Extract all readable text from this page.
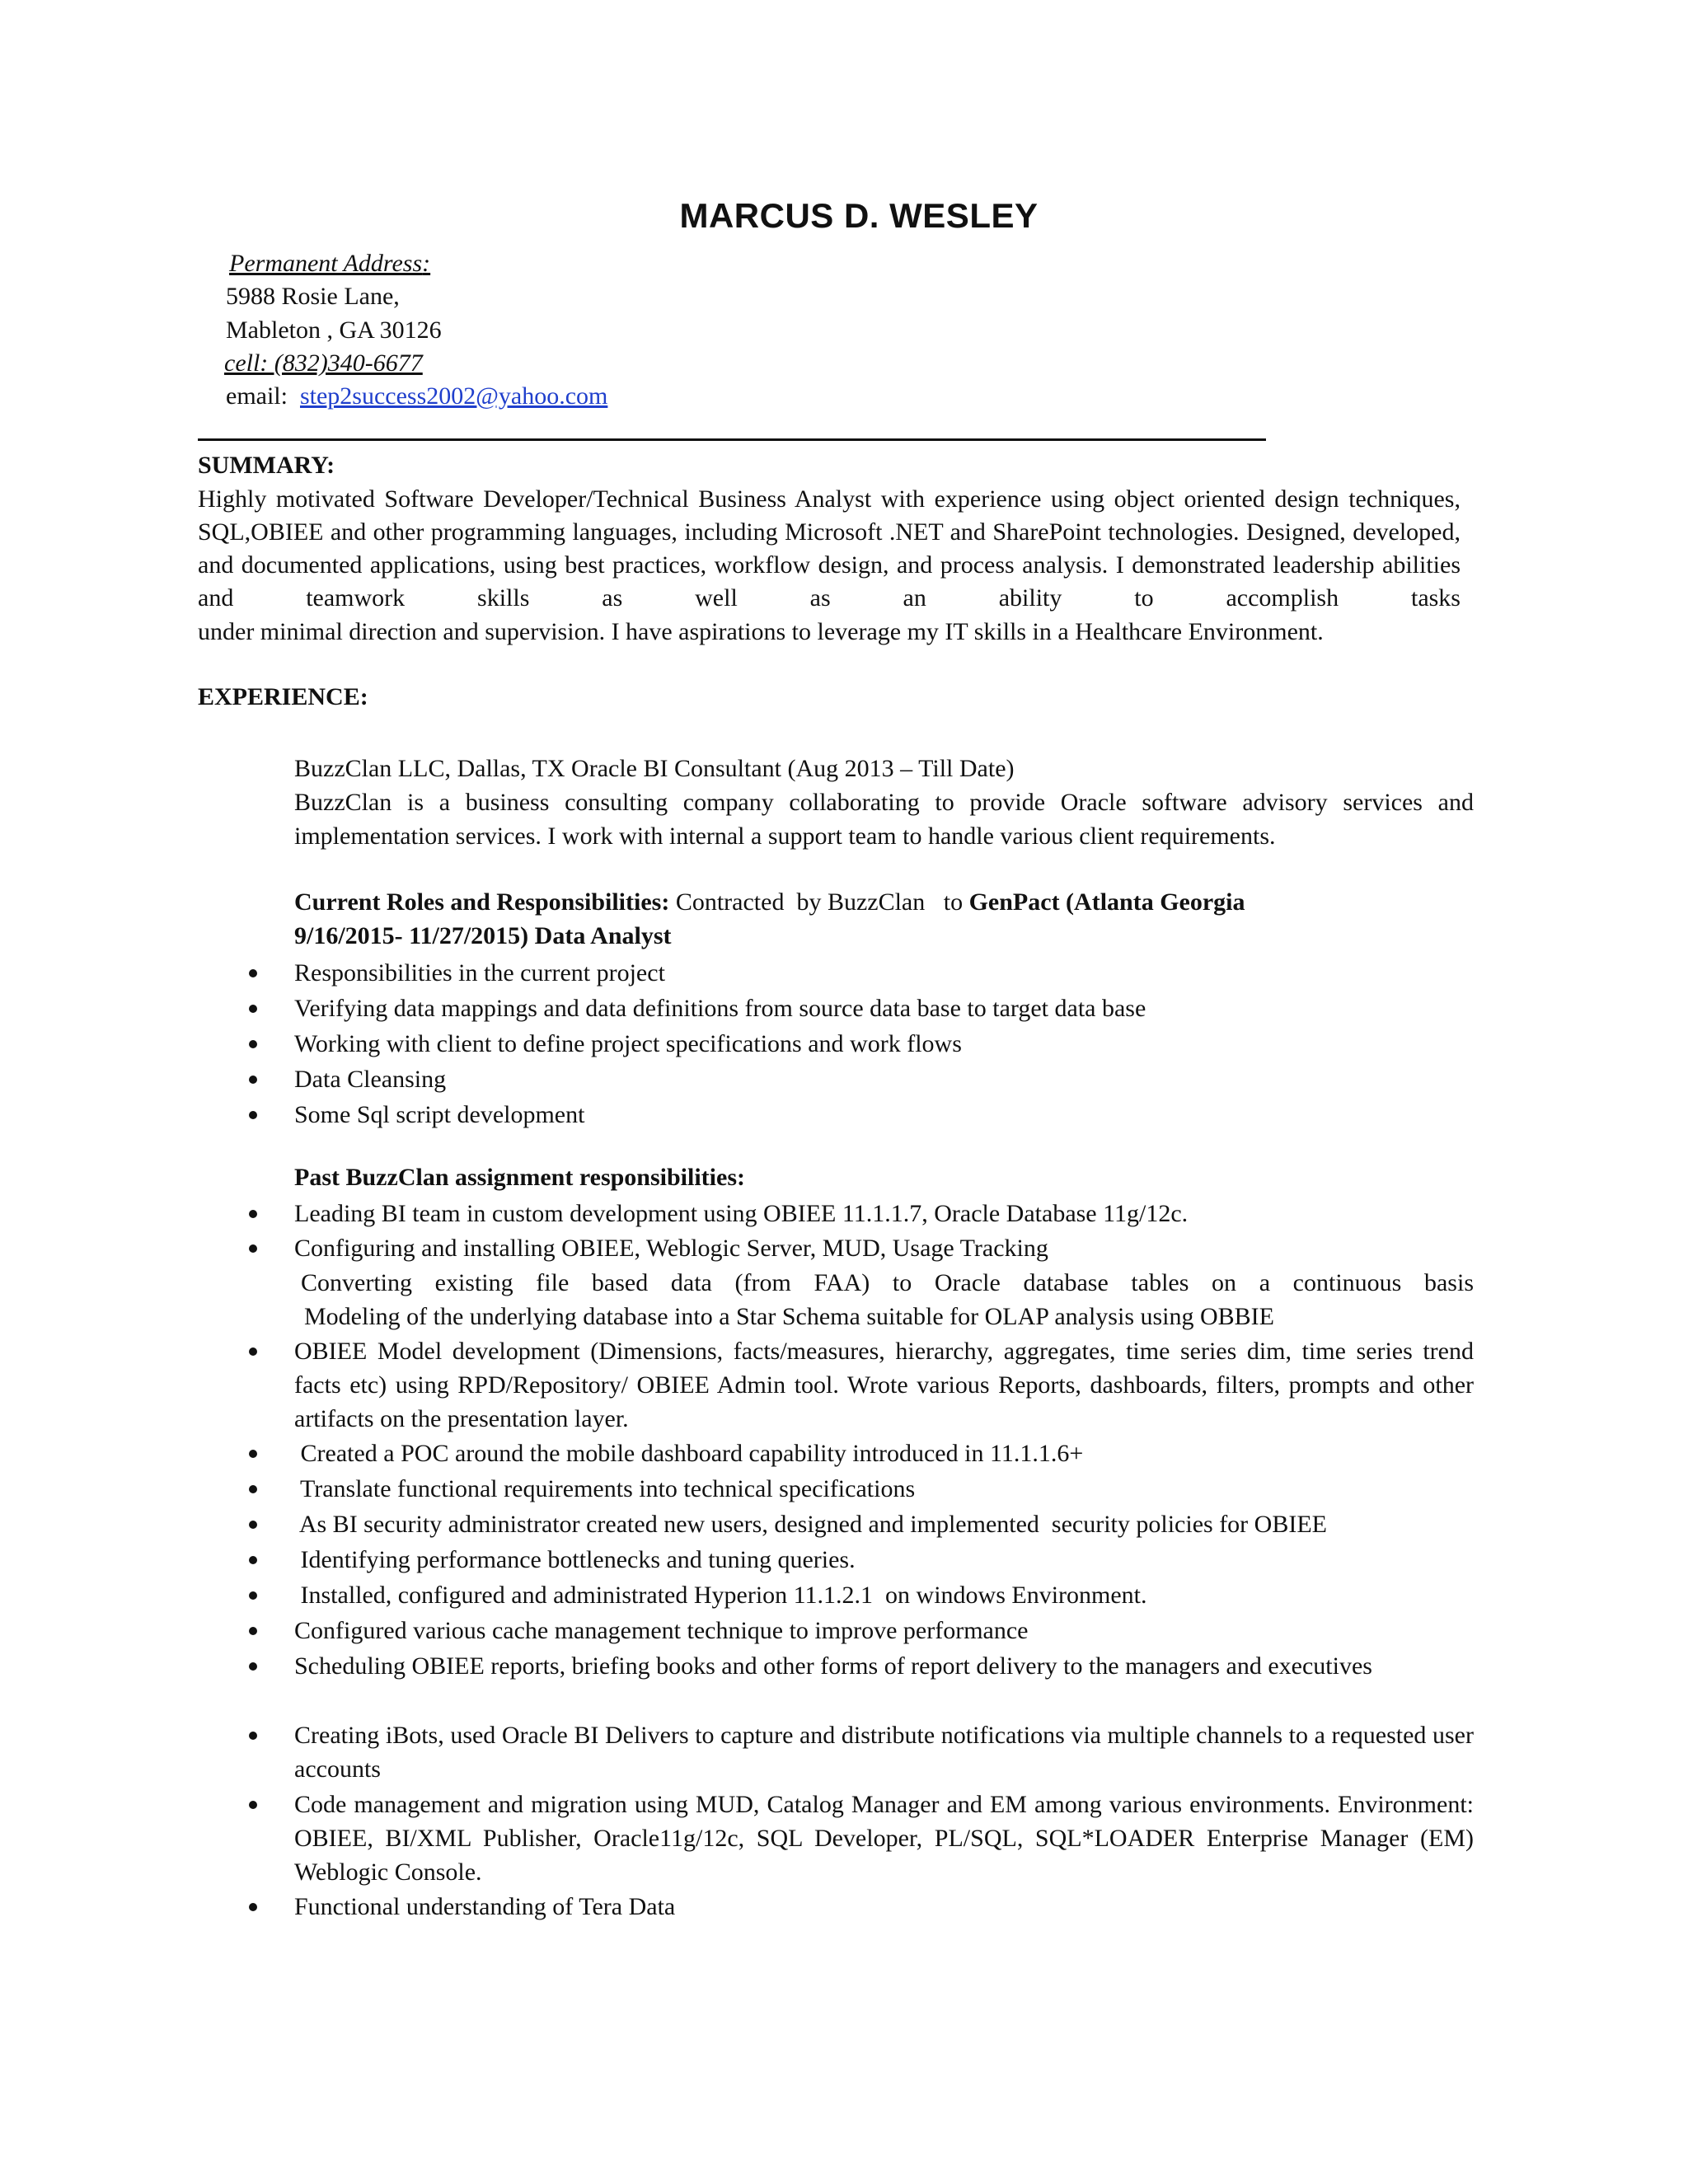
MARCUS D. WESLEY
Permanent Address:
5988 Rosie Lane,
Mableton , GA 30126
cell: (832)340-6677
email:  step2success2002@yahoo.com
SUMMARY:
Highly motivated Software Developer/Technical Business Analyst with experience using object oriented design techniques, SQL,OBIEE and other programming languages, including Microsoft .NET and SharePoint technologies. Designed, developed, and documented applications, using best practices, workflow design, and process analysis. I demonstrated leadership abilities and teamwork skills as well as an ability to accomplish tasks
under minimal direction and supervision. I have aspirations to leverage my IT skills in a Healthcare Environment.
EXPERIENCE:
BuzzClan LLC, Dallas, TX Oracle BI Consultant (Aug 2013 – Till Date)
BuzzClan is a business consulting company collaborating to provide Oracle software advisory services and implementation services. I work with internal a support team to handle various client requirements.
Current Roles and Responsibilities: Contracted  by BuzzClan   to GenPact (Atlanta Georgia
9/16/2015- 11/27/2015) Data Analyst
Responsibilities in the current project
Verifying data mappings and data definitions from source data base to target data base
Working with client to define project specifications and work flows
Data Cleansing
Some Sql script development
Past BuzzClan assignment responsibilities:
Leading BI team in custom development using OBIEE 11.1.1.7, Oracle Database 11g/12c.
Configuring and installing OBIEE, Weblogic Server, MUD, Usage Tracking
Converting existing file based data (from FAA) to Oracle database tables on a continuous basis
Modeling of the underlying database into a Star Schema suitable for OLAP analysis using OBBIE
OBIEE Model development (Dimensions, facts/measures, hierarchy, aggregates, time series dim, time series trend facts etc) using RPD/Repository/ OBIEE Admin tool. Wrote various Reports, dashboards, filters, prompts and other artifacts on the presentation layer.
Created a POC around the mobile dashboard capability introduced in 11.1.1.6+
Translate functional requirements into technical specifications
As BI security administrator created new users, designed and implemented  security policies for OBIEE
Identifying performance bottlenecks and tuning queries.
Installed, configured and administrated Hyperion 11.1.2.1  on windows Environment.
Configured various cache management technique to improve performance
Scheduling OBIEE reports, briefing books and other forms of report delivery to the managers and executives
Creating iBots, used Oracle BI Delivers to capture and distribute notifications via multiple channels to a requested user accounts
Code management and migration using MUD, Catalog Manager and EM among various environments. Environment: OBIEE, BI/XML Publisher, Oracle11g/12c, SQL Developer, PL/SQL, SQL*LOADER Enterprise Manager (EM) Weblogic Console.
Functional understanding of Tera Data
